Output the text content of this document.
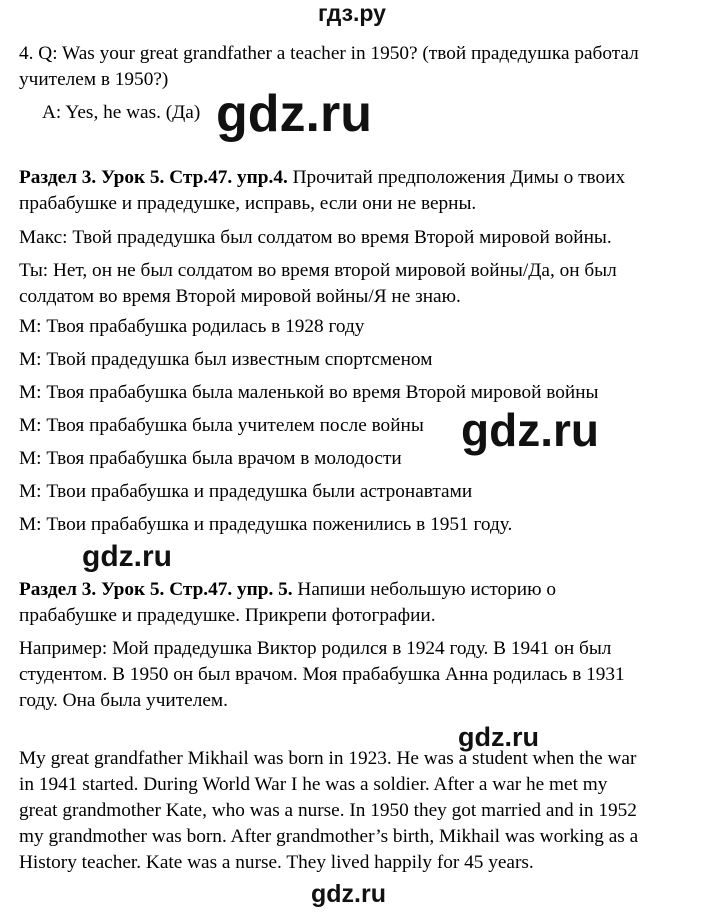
гдз.ру
4. Q: Was your great grandfather a teacher in 1950? (твой прадедушка работал
учителем в 1950?)
A: Yes, he was. (Да)
Раздел 3. Урок 5. Стр.47. упр.4. Прочитай предположения Димы о твоих
прабабушке и прадедушке, исправь, если они не верны.
Макс: Твой прадедушка был солдатом во время Второй мировой войны.
Ты: Нет, он не был солдатом во время второй мировой войны/Да, он был
солдатом во время Второй мировой войны/Я не знаю.
M: Твоя прабабушка родилась в 1928 году
M: Твой прадедушка был известным спортсменом
M: Твоя прабабушка была маленькой во время Второй мировой войны
M: Твоя прабабушка была учителем после войны
M: Твоя прабабушка была врачом в молодости
M: Твои прабабушка и прадедушка были астронавтами
M: Твои прабабушка и прадедушка поженились в 1951 году.
Раздел 3. Урок 5. Стр.47. упр. 5. Напиши небольшую историю о
прабабушке и прадедушке. Прикрепи фотографии.
Например: Мой прадедушка Виктор родился в 1924 году. В 1941 он был
студентом. В 1950 он был врачом. Моя прабабушка Анна родилась в 1931
году. Она была учителем.
My great grandfather Mikhail was born in 1923. He was a student when the war
in 1941 started. During World War I he was a soldier. After a war he met my
great grandmother Kate, who was a nurse. In 1950 they got married and in 1952
my grandmother was born. After grandmother’s birth, Mikhail was working as a
History teacher. Kate was a nurse. They lived happily for 45 years.
gdz.ru
gdz.ru
gdz.ru
gdz.ru
gdz.ru
